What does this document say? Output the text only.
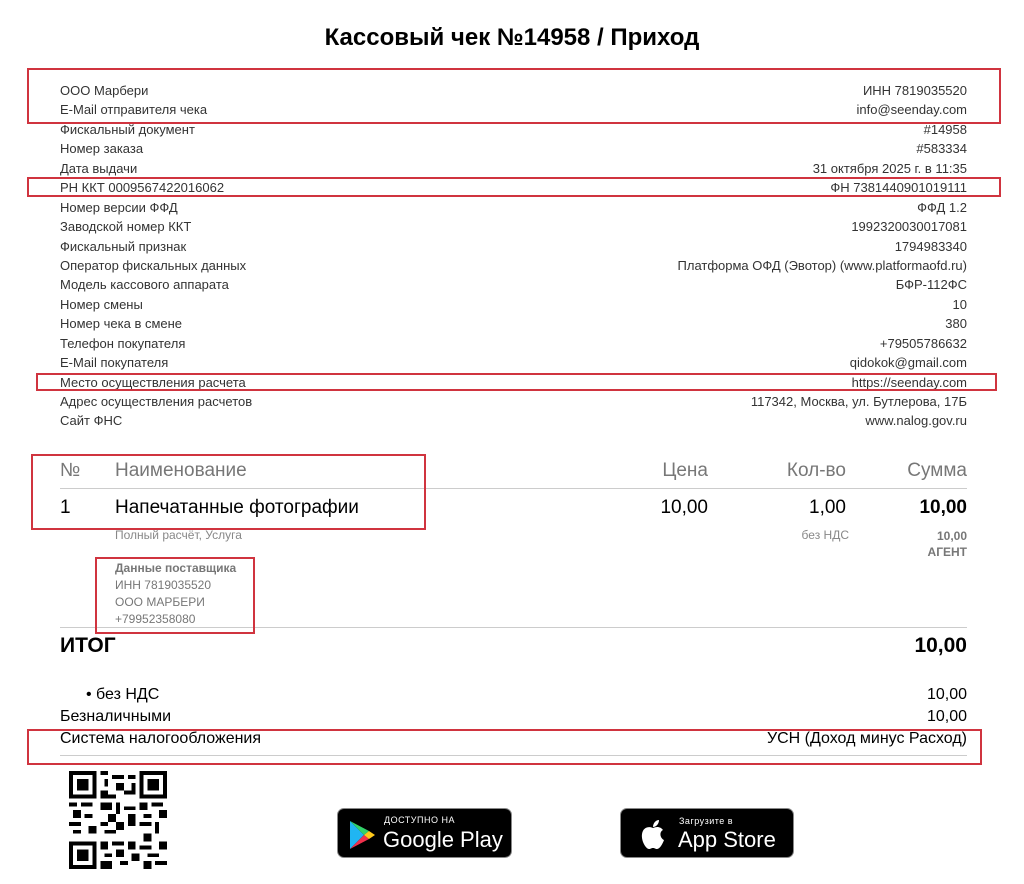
Кассовый чек №14958 / Приход
ООО Марбери	ИНН 7819035520
E-Mail отправителя чека	info@seenday.com
Фискальный документ	#14958
Номер заказа	#583334
Дата выдачи	31 октября 2025 г. в 11:35
РН ККТ 0009567422016062	ФН 7381440901019111
Номер версии ФФД	ФФД 1.2
Заводской номер ККТ	1992320030017081
Фискальный признак	1794983340
Оператор фискальных данных	Платформа ОФД (Эвотор) (www.platformaofd.ru)
Модель кассового аппарата	БФР-112ФС
Номер смены	10
Номер чека в смене	380
Телефон покупателя	+79505786632
E-Mail покупателя	qidokok@gmail.com
Место осуществления расчета	https://seenday.com
Адрес осуществления расчетов	117342, Москва, ул. Бутлерова, 17Б
Сайт ФНС	www.nalog.gov.ru
№ Наименование	Цена	Кол-во	Сумма
1 Напечатанные фотографии	10,00	1,00	10,00
Полный расчёт, Услуга	без НДС	10,00
АГЕНТ
Данные поставщика
ИНН 7819035520
ООО МАРБЕРИ
+79952358080
ИТОГ	10,00
• без НДС	10,00
Безналичными	10,00
Система налогообложения	УСН (Доход минус Расход)
ДОСТУПНО НА
Google Play
Загрузите в
App Store
